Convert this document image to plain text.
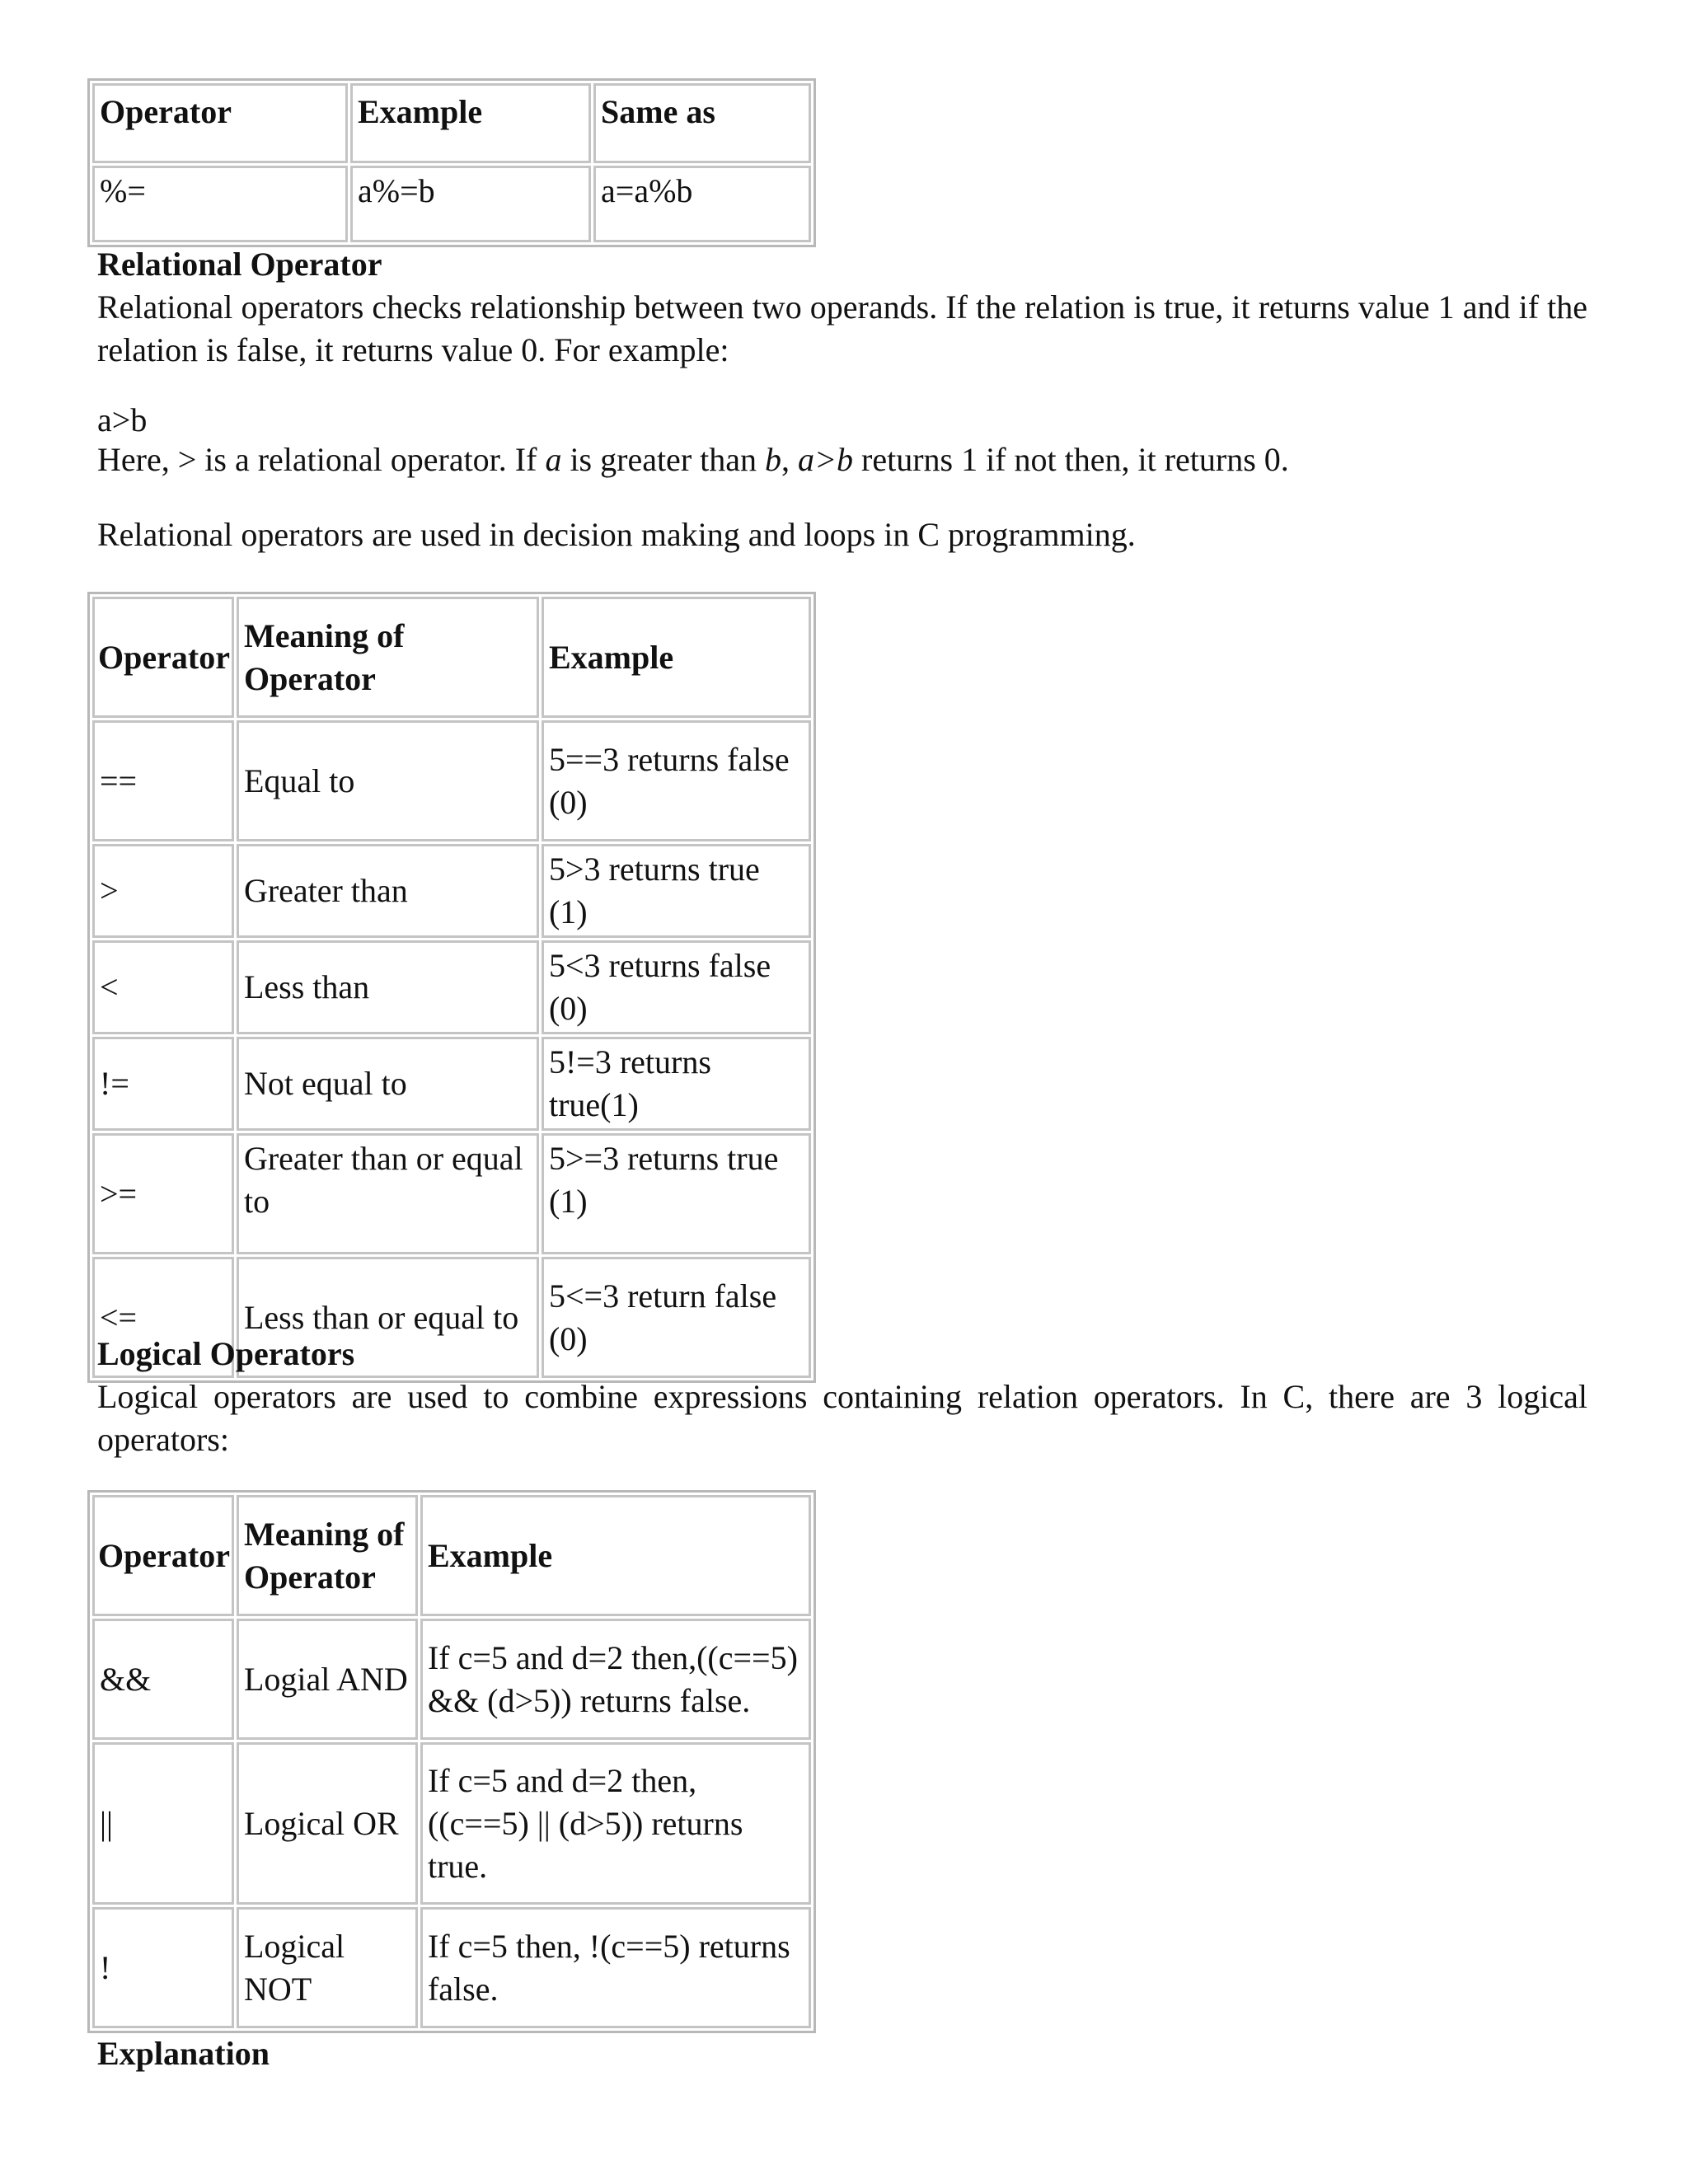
Operator	Example	Same as
%=	a%=b	a=a%b
Relational Operator
Relational operators checks relationship between two operands. If the relation is true, it returns value 1 and if the relation is false, it returns value 0. For example:
a>b
Here, > is a relational operator. If a is greater than b, a>b returns 1 if not then, it returns 0.
Relational operators are used in decision making and loops in C programming.
Operator	Meaning of Operator	Example
==	Equal to	5==3 returns false (0)
>	Greater than	5>3 returns true (1)
<	Less than	5<3 returns false (0)
!=	Not equal to	5!=3 returns true(1)
>=	Greater than or equal to	5>=3 returns true (1)
<=	Less than or equal to	5<=3 return false (0)
Logical Operators
Logical operators are used to combine expressions containing relation operators. In C, there are 3 logical operators:
Operator	Meaning of Operator	Example
&&	Logial AND	If c=5 and d=2 then,((c==5) && (d>5)) returns false.
||	Logical OR	If c=5 and d=2 then, ((c==5) || (d>5)) returns true.
!	Logical NOT	If c=5 then, !(c==5) returns false.
Explanation
